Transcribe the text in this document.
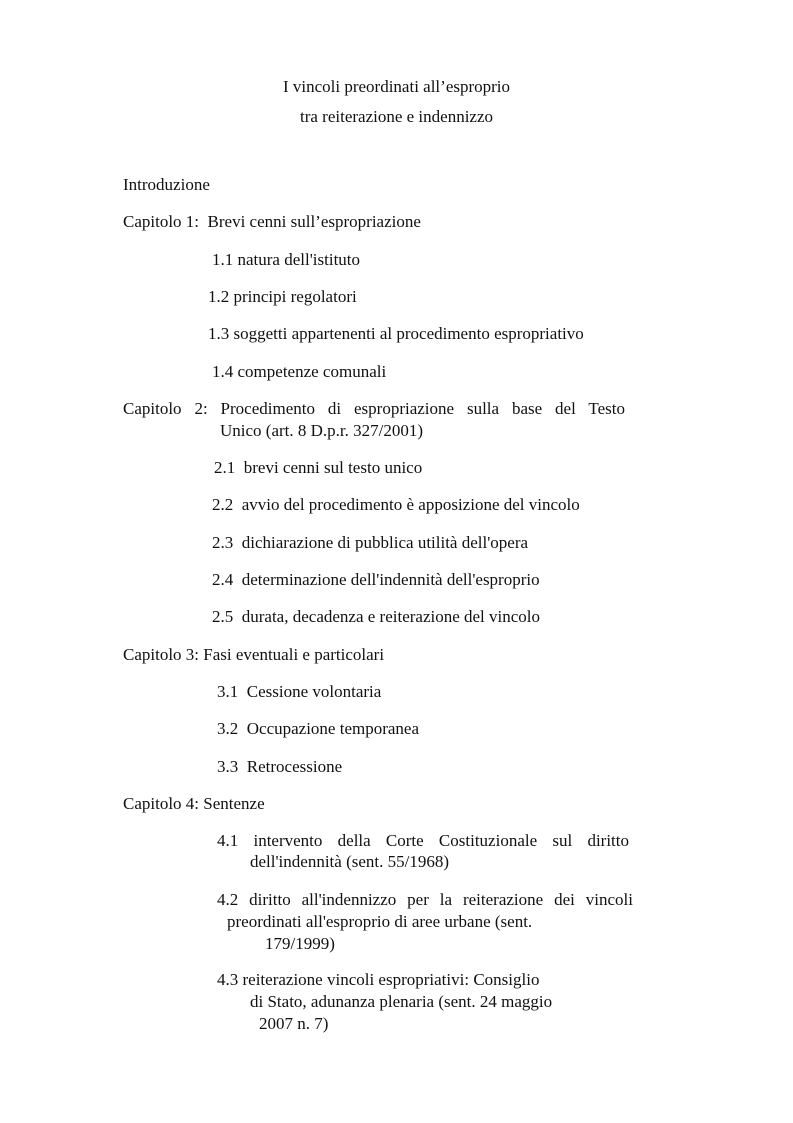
I vincoli preordinati all’esproprio
tra reiterazione e indennizzo
Introduzione
Capitolo 1:  Brevi cenni sull’espropriazione
1.1 natura dell'istituto
1.2 principi regolatori
1.3 soggetti appartenenti al procedimento espropriativo
1.4 competenze comunali
Capitolo 2: Procedimento di espropriazione sulla base del Testo
Unico (art. 8 D.p.r. 327/2001)
2.1  brevi cenni sul testo unico
2.2  avvio del procedimento è apposizione del vincolo
2.3  dichiarazione di pubblica utilità dell'opera
2.4  determinazione dell'indennità dell'esproprio
2.5  durata, decadenza e reiterazione del vincolo
Capitolo 3: Fasi eventuali e particolari
3.1  Cessione volontaria
3.2  Occupazione temporanea
3.3  Retrocessione
Capitolo 4: Sentenze
4.1 intervento della Corte Costituzionale sul diritto
dell'indennità (sent. 55/1968)
4.2 diritto all'indennizzo per la reiterazione dei vincoli
preordinati all'esproprio di aree urbane (sent.
179/1999)
4.3 reiterazione vincoli espropriativi: Consiglio
di Stato, adunanza plenaria (sent. 24 maggio
2007 n. 7)
